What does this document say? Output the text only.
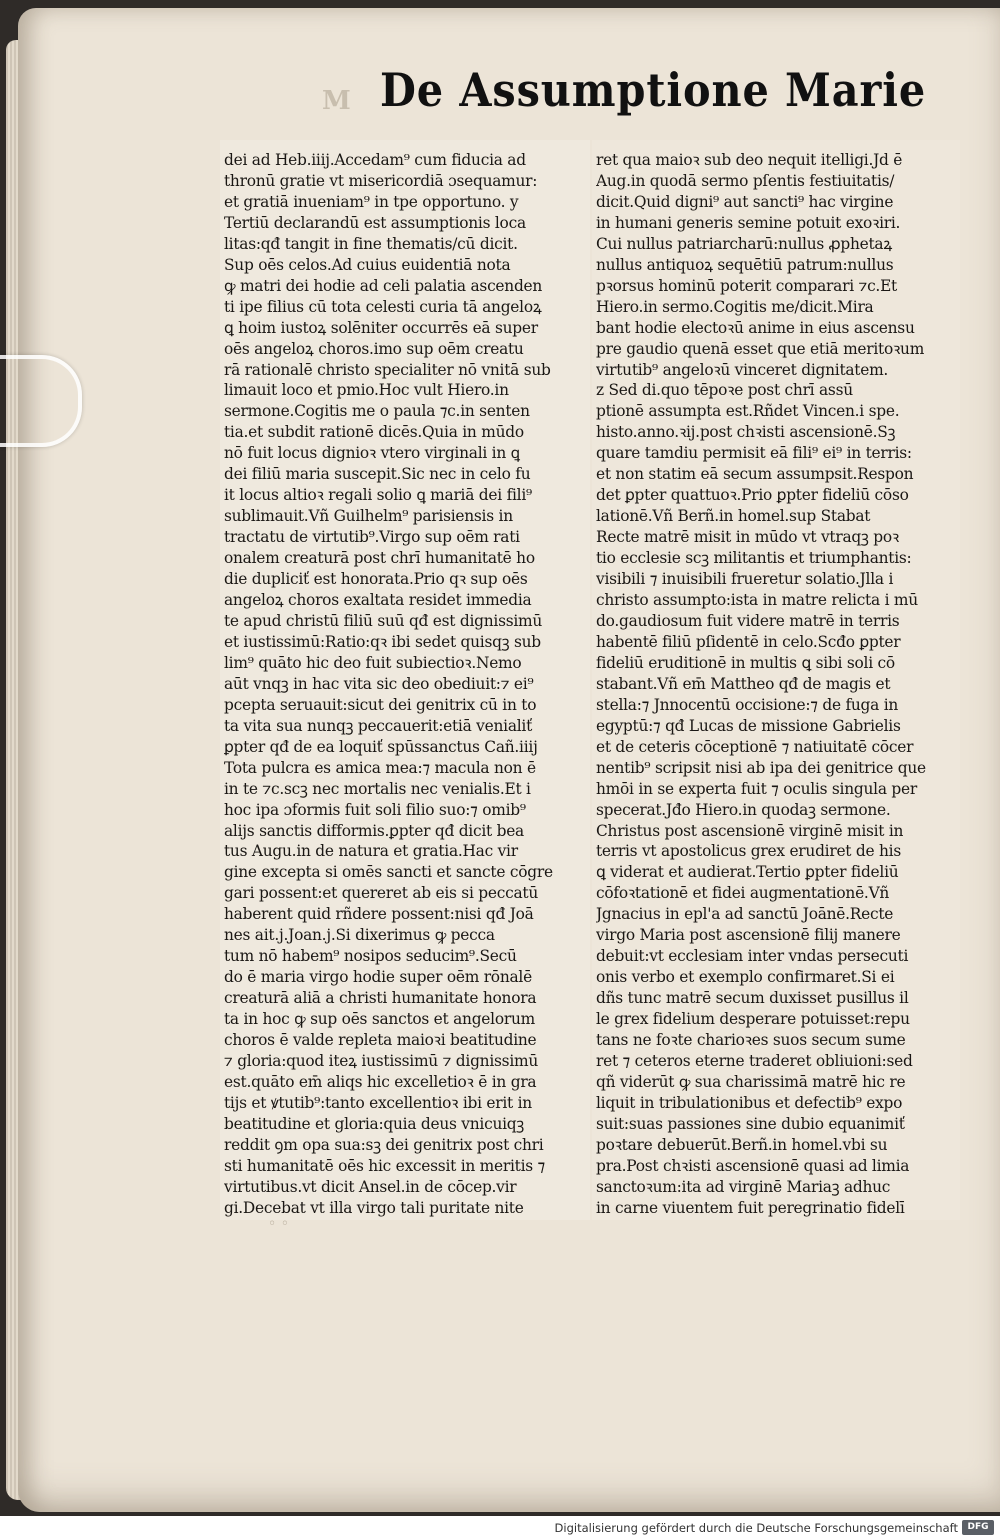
M De Assumptione Marie
dei ad Heb.iiij.Accedam⁹ cum fiducia ad
thronū gratie vt misericordiā ɔsequamur:
et gratiā inueniam⁹ in tpe opportuno. y
Tertiū declarandū est assumptionis loca
litas:qđ tangit in fine thematis/cū dicit.
Sup oēs celos.Ad cuius euidentiā nota
ꝙ matri dei hodie ad celi palatia ascenden
ti ipe filius cū tota celesti curia tā angeloꝝ
ꝗ hoim iustoꝝ solēniter occurrēs eā super
oēs angeloꝝ choros.imo sup oēm creatu
rā rationalē christo specialiter nō vnitā sub
limauit loco et pmio.Hoc vult Hiero.in
sermone.Cogitis me o paula ⁊c.in senten
tia.et subdit rationē dicēs.Quia in mūdo
nō fuit locus dignioꝛ vtero virginali in ꝗ
dei filiū maria suscepit.Sic nec in celo fu
it locus altioꝛ regali solio ꝗ mariā dei fili⁹
sublimauit.Vñ Guilhelm⁹ parisiensis in
tractatu de virtutib⁹.Virgo sup oēm rati
onalem creaturā post chrī humanitatē ho
die dupliciť est honorata.Prio qꝛ sup oēs
angeloꝝ choros exaltata residet immedia
te apud christū filiū suū qđ est dignissimū
et iustissimū:Ratio:qꝛ ibi sedet quisqꝫ sub
lim⁹ quāto hic deo fuit subiectioꝛ.Nemo
aūt vnqꝫ in hac vita sic deo obediuit:⁊ ei⁹
pcepta seruauit:sicut dei genitrix cū in to
ta vita sua nunqꝫ peccauerit:etiā venialiť
ꝑpter qđ de ea loquiť spūssanctus Cañ.iiij
Tota pulcra es amica mea:⁊ macula non ē
in te ⁊c.scꝫ nec mortalis nec venialis.Et i
hoc ipa ɔformis fuit soli filio suo:⁊ omib⁹
alijs sanctis difformis.ꝑpter qđ dicit bea
tus Augu.in de natura et gratia.Hac vir
gine excepta si omēs sancti et sancte cōgre
gari possent:et quereret ab eis si peccatū
haberent quid rñdere possent:nisi qđ Joā
nes ait.j.Joan.j.Si dixerimus ꝙ pecca
tum nō habem⁹ nosipos seducim⁹.Secū
do ē maria virgo hodie super oēm rōnalē
creaturā aliā a christi humanitate honora
ta in hoc ꝙ sup oēs sanctos et angelorum
choros ē valde repleta maioꝛi beatitudine
⁊ gloria:quod iteꝝ iustissimū ⁊ dignissimū
est.quāto em̄ aliqs hic excelletioꝛ ē in gra
tijs et ꝟtutib⁹:tanto excellentioꝛ ibi erit in
beatitudine et gloria:quia deus vnicuiqꝫ
reddit ꝯm opa sua:sꝫ dei genitrix post chri
sti humanitatē oēs hic excessit in meritis ⁊
virtutibus.vt dicit Ansel.in de cōcep.vir
gi.Decebat vt illa virgo tali puritate nite
ret qua maioꝛ sub deo nequit itelligi.Jd ē
Aug.in quodā sermo pſentis festiuitatis/
dicit.Quid digni⁹ aut sancti⁹ hac virgine
in humani generis semine potuit exoꝛiri.
Cui nullus patriarcharū:nullus ꝓphetaꝝ
nullus antiquoꝝ sequētiū patrum:nullus
pꝛorsus hominū poterit comparari ⁊c.Et
Hiero.in sermo.Cogitis me/dicit.Mira
bant hodie electoꝛū anime in eius ascensu
pre gaudio quenā esset que etiā meritoꝛum
virtutib⁹ angeloꝛū vinceret dignitatem.
z Sed di.quo tēpoꝛe post chrī assū
ptionē assumpta est.Rñdet Vincen.i spe.
histo.anno.ꝛij.post chꝛisti ascensionē.Sꝫ
quare tamdiu permisit eā fili⁹ ei⁹ in terris:
et non statim eā secum assumpsit.Respon
det ꝑpter quattuoꝛ.Prio ꝑpter fideliū cōso
lationē.Vñ Berñ.in homel.sup Stabat
Recte matrē misit in mūdo vt vtraqꝫ poꝛ
tio ecclesie scꝫ militantis et triumphantis:
visibili ⁊ inuisibili frueretur solatio.Jlla i
christo assumpto:ista in matre relicta i mū
do.gaudiosum fuit videre matrē in terris
habentē filiū pſidentē in celo.Scđo ꝑpter
fideliū eruditionē in multis ꝗ sibi soli cō
stabant.Vñ em̄ Mattheo qđ de magis et
stella:⁊ Jnnocentū occisione:⁊ de fuga in
egyptū:⁊ qđ Lucas de missione Gabrielis
et de ceteris cōceptionē ⁊ natiuitatē cōcer
nentib⁹ scripsit nisi ab ipa dei genitrice que
hmōi in se experta fuit ⁊ oculis singula per
specerat.Jđo Hiero.in quodaꝫ sermone.
Christus post ascensionē virginē misit in
terris vt apostolicus grex erudiret de his
ꝗ viderat et audierat.Tertio ꝑpter fideliū
cōfoꝛtationē et fidei augmentationē.Vñ
Jgnacius in epl'a ad sanctū Joānē.Recte
virgo Maria post ascensionē filij manere
debuit:vt ecclesiam inter vndas persecuti
onis verbo et exemplo confirmaret.Si ei
dñs tunc matrē secum duxisset pusillus il
le grex fidelium desperare potuisset:repu
tans ne foꝛte charioꝛes suos secum sume
ret ⁊ ceteros eterne traderet obliuioni:sed
qñ viderūt ꝙ sua charissimā matrē hic re
liquit in tribulationibus et defectib⁹ expo
suit:suas passiones sine dubio equanimiť
poꝛtare debuerūt.Berñ.in homel.vbi su
pra.Post chꝛisti ascensionē quasi ad limia
sanctoꝛum:ita ad virginē Mariaꝫ adhuc
in carne viuentem fuit peregrinatio fidelī
◦ ◦
Digitalisierung gefördert durch die Deutsche Forschungsgemeinschaft	DFG
